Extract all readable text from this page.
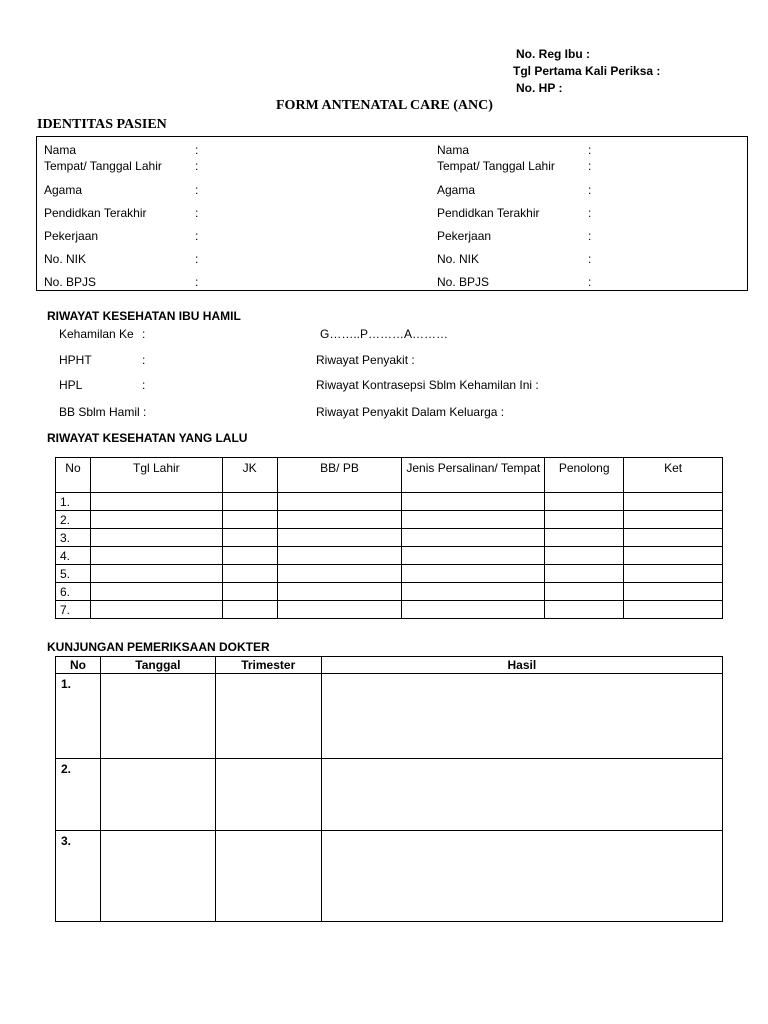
No. Reg Ibu :
Tgl Pertama Kali Periksa :
No. HP :
FORM ANTENATAL CARE (ANC)
IDENTITAS PASIEN
Nama	:
Tempat/ Tanggal Lahir	:
Agama	:
Pendidkan Terakhir	:
Pekerjaan	:
No. NIK	:
No. BPJS	:
Nama	:
Tempat/ Tanggal Lahir	:
Agama	:
Pendidkan Terakhir	:
Pekerjaan	:
No. NIK	:
No. BPJS	:
RIWAYAT KESEHATAN IBU HAMIL
Kehamilan Ke :	G……..P………A………
HPHT	:	Riwayat Penyakit :
HPL	:	Riwayat Kontrasepsi Sblm Kehamilan Ini :
BB Sblm Hamil :	Riwayat Penyakit Dalam Keluarga :
RIWAYAT KESEHATAN YANG LALU
No	Tgl Lahir	JK	BB/ PB	Jenis Persalinan/ Tempat	Penolong	Ket
1.						
2.						
3.						
4.						
5.						
6.						
7.						
KUNJUNGAN PEMERIKSAAN DOKTER
No	Tanggal	Trimester	Hasil
1.			
2.			
3.			
